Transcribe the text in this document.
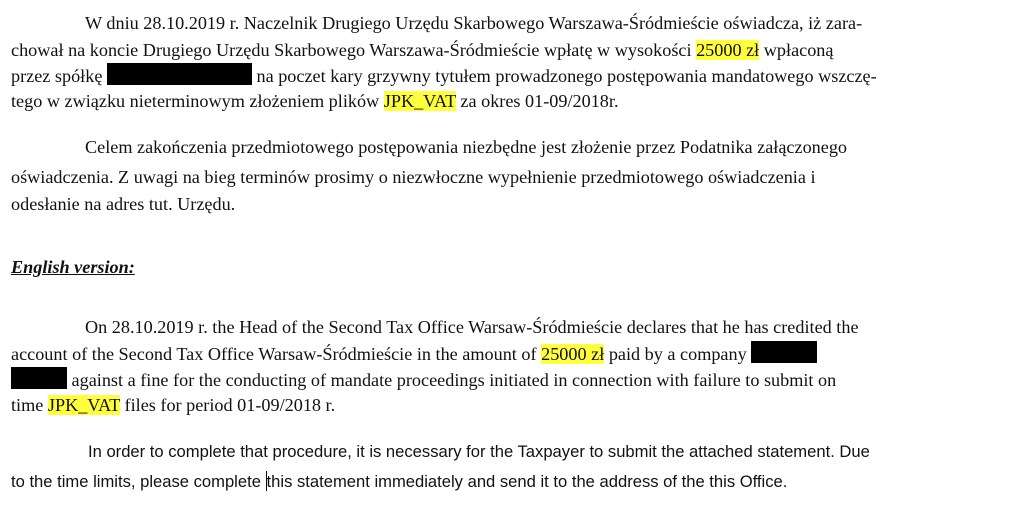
W dniu 28.10.2019 r. Naczelnik Drugiego Urzędu Skarbowego Warszawa-Śródmieście oświadcza, iż zara-
chował na koncie Drugiego Urzędu Skarbowego Warszawa-Śródmieście wpłatę w wysokości 25000 zł wpłaconą
przez spółkę	na poczet kary grzywny tytułem prowadzonego postępowania mandatowego wszczę-
tego w związku nieterminowym złożeniem plików JPK_VAT za okres 01-09/2018r.
Celem zakończenia przedmiotowego postępowania niezbędne jest złożenie przez Podatnika załączonego
oświadczenia. Z uwagi na bieg terminów prosimy o niezwłoczne wypełnienie przedmiotowego oświadczenia i
odesłanie na adres tut. Urzędu.
English version:
On 28.10.2019 r. the Head of the Second Tax Office Warsaw-Śródmieście declares that he has credited the
account of the Second Tax Office Warsaw-Śródmieście in the amount of 25000 zł paid by a company
against a fine for the conducting of mandate proceedings initiated in connection with failure to submit on
time JPK_VAT files for period 01-09/2018 r.
In order to complete that procedure, it is necessary for the Taxpayer to submit the attached statement. Due
to the time limits, please complete this statement immediately and send it to the address of the this Office.
